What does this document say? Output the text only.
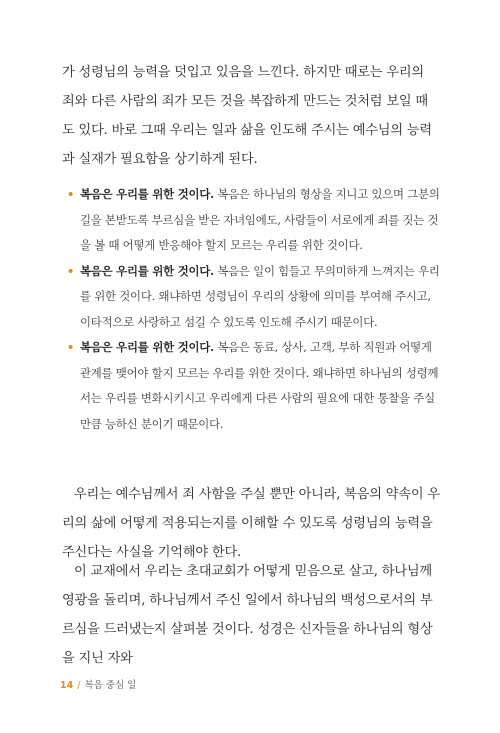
가 성령님의 능력을 덧입고 있음을 느낀다. 하지만 때로는 우리의 죄와 다른 사람의 죄가 모든 것을 복잡하게 만드는 것처럼 보일 때도 있다. 바로 그때 우리는 일과 삶을 인도해 주시는 예수님의 능력과 실재가 필요함을 상기하게 된다.

• 복음은 우리를 위한 것이다. 복음은 하나님의 형상을 지니고 있으며 그분의 길을 본받도록 부르심을 받은 자녀임에도, 사람들이 서로에게 죄를 짓는 것을 볼 때 어떻게 반응해야 할지 모르는 우리를 위한 것이다.
• 복음은 우리를 위한 것이다. 복음은 일이 힘들고 무의미하게 느껴지는 우리를 위한 것이다. 왜냐하면 성령님이 우리의 상황에 의미를 부여해 주시고, 이타적으로 사랑하고 섬길 수 있도록 인도해 주시기 때문이다.
• 복음은 우리를 위한 것이다. 복음은 동료, 상사, 고객, 부하 직원과 어떻게 관계를 맺어야 할지 모르는 우리를 위한 것이다. 왜냐하면 하나님의 성령께서는 우리를 변화시키시고 우리에게 다른 사람의 필요에 대한 통찰을 주실 만큼 능하신 분이기 때문이다.

우리는 예수님께서 죄 사함을 주실 뿐만 아니라, 복음의 약속이 우리의 삶에 어떻게 적용되는지를 이해할 수 있도록 성령님의 능력을 주신다는 사실을 기억해야 한다.

이 교재에서 우리는 초대교회가 어떻게 믿음으로 살고, 하나님께 영광을 돌리며, 하나님께서 주신 일에서 하나님의 백성으로서의 부르심을 드러냈는지 살펴볼 것이다. 성경은 신자들을 하나님의 형상을 지닌 자와

14 / 복음 중심 일
